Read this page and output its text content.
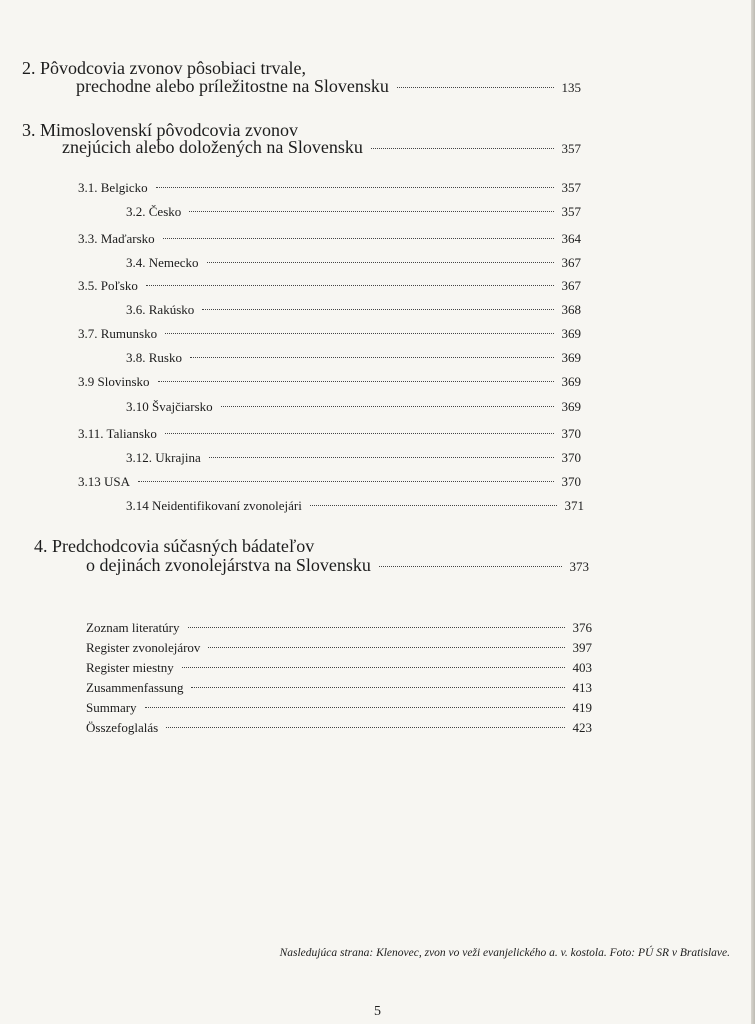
2.
Pôvodcovia zvonov pôsobiaci trvale,
prechodne alebo príležitostne na Slovensku	135
3.
Mimoslovenskí pôvodcovia zvonov
znejúcich alebo doložených na Slovensku	357
3.1. Belgicko	357
3.2. Česko	357
3.3. Maďarsko	364
3.4. Nemecko	367
3.5. Poľsko	367
3.6. Rakúsko	368
3.7. Rumunsko	369
3.8. Rusko	369
3.9 Slovinsko	369
3.10 Švajčiarsko	369
3.11. Taliansko	370
3.12. Ukrajina	370
3.13 USA	370
3.14 Neidentifikovaní zvonolejári	371
4.
Predchodcovia súčasných bádateľov
o dejinách zvonolejárstva na Slovensku	373
Zoznam literatúry	376
Register zvonolejárov	397
Register miestny	403
Zusammenfassung	413
Summary	419
Összefoglalás	423
Nasledujúca strana: Klenovec, zvon vo veži evanjelického a. v. kostola. Foto: PÚ SR v Bratislave.
5
